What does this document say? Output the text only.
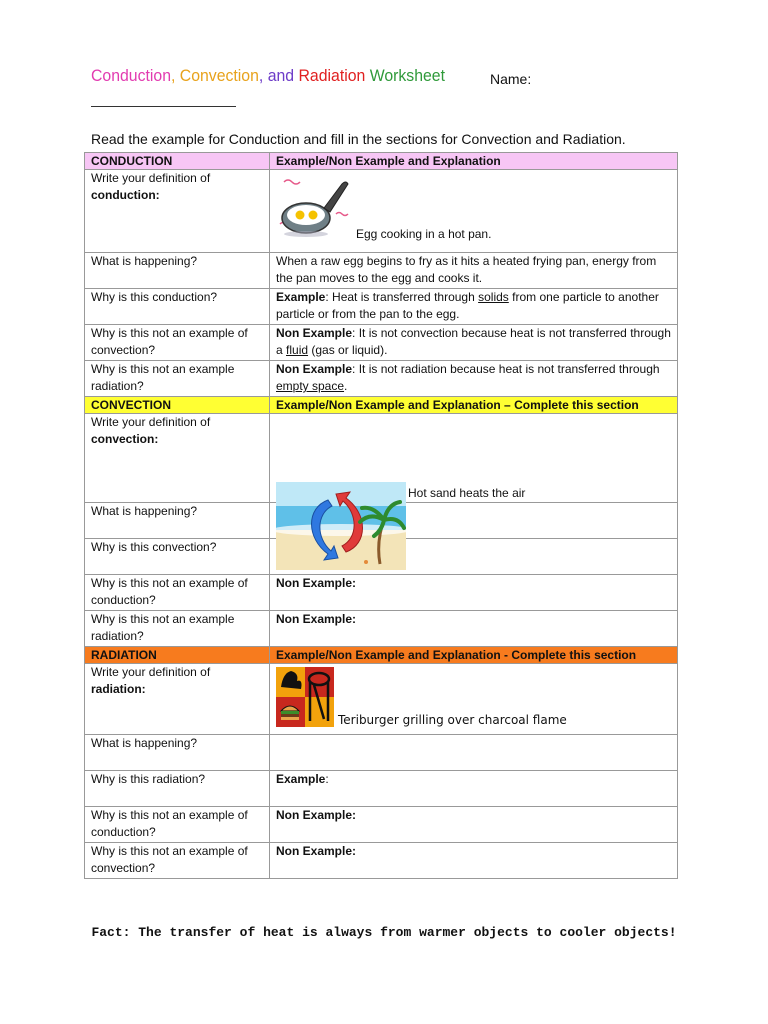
Conduction, Convection, and Radiation Worksheet	Name:
Read the example for Conduction and fill in the sections for Convection and Radiation.
CONDUCTION	Example/Non Example and Explanation
Write your definition of
conduction:	Egg cooking in a hot pan.

What is happening?	When a raw egg begins to fry as it hits a heated frying pan, energy from the pan moves to the egg and cooks it.
Why is this conduction?	Example: Heat is transferred through solids from one particle to another particle or from the pan to the egg.
Why is this not an example of convection?	Non Example: It is not convection because heat is not transferred through a fluid (gas or liquid).
Why is this not an example radiation?	Non Example: It is not radiation because heat is not transferred through empty space.
CONVECTION	Example/Non Example and Explanation – Complete this section
Write your definition of
convection:	Hot sand heats the air

What is happening?	
Why is this convection?	
Why is this not an example of conduction?	Non Example:
Why is this not an example radiation?	Non Example:
RADIATION	Example/Non Example and Explanation - Complete this section
Write your definition of
radiation:	Teriburger grilling over charcoal flame

What is happening?	
Why is this radiation?	Example:
Why is this not an example of conduction?	Non Example:
Why is this not an example of convection?	Non Example:
Fact: The transfer of heat is always from warmer objects to cooler objects!
